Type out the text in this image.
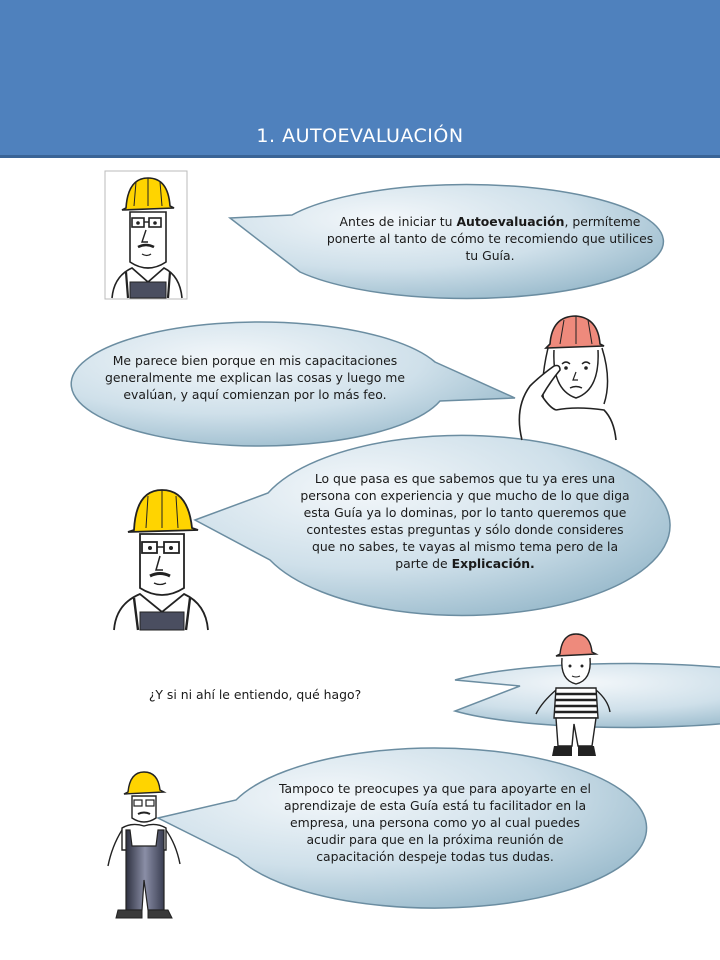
1. AUTOEVALUACIÓN
Antes de iniciar tu Autoevaluación, permíteme ponerte al tanto de cómo te recomiendo que utilices tu Guía.
Me parece bien porque en mis capacitaciones generalmente me explican las cosas y luego me evalúan, y aquí comienzan por lo más feo.
Lo que pasa es que sabemos que tu ya eres una persona con experiencia y que mucho de lo que diga esta Guía ya lo dominas, por lo tanto queremos que contestes estas preguntas y sólo donde consideres que no sabes, te vayas al mismo tema pero de la parte de Explicación.
¿Y si ni ahí le entiendo, qué hago?
Tampoco te preocupes ya que para apoyarte en el aprendizaje de esta Guía está tu facilitador en la empresa, una persona como yo al cual puedes acudir para que en la próxima reunión de capacitación despeje todas tus dudas.
